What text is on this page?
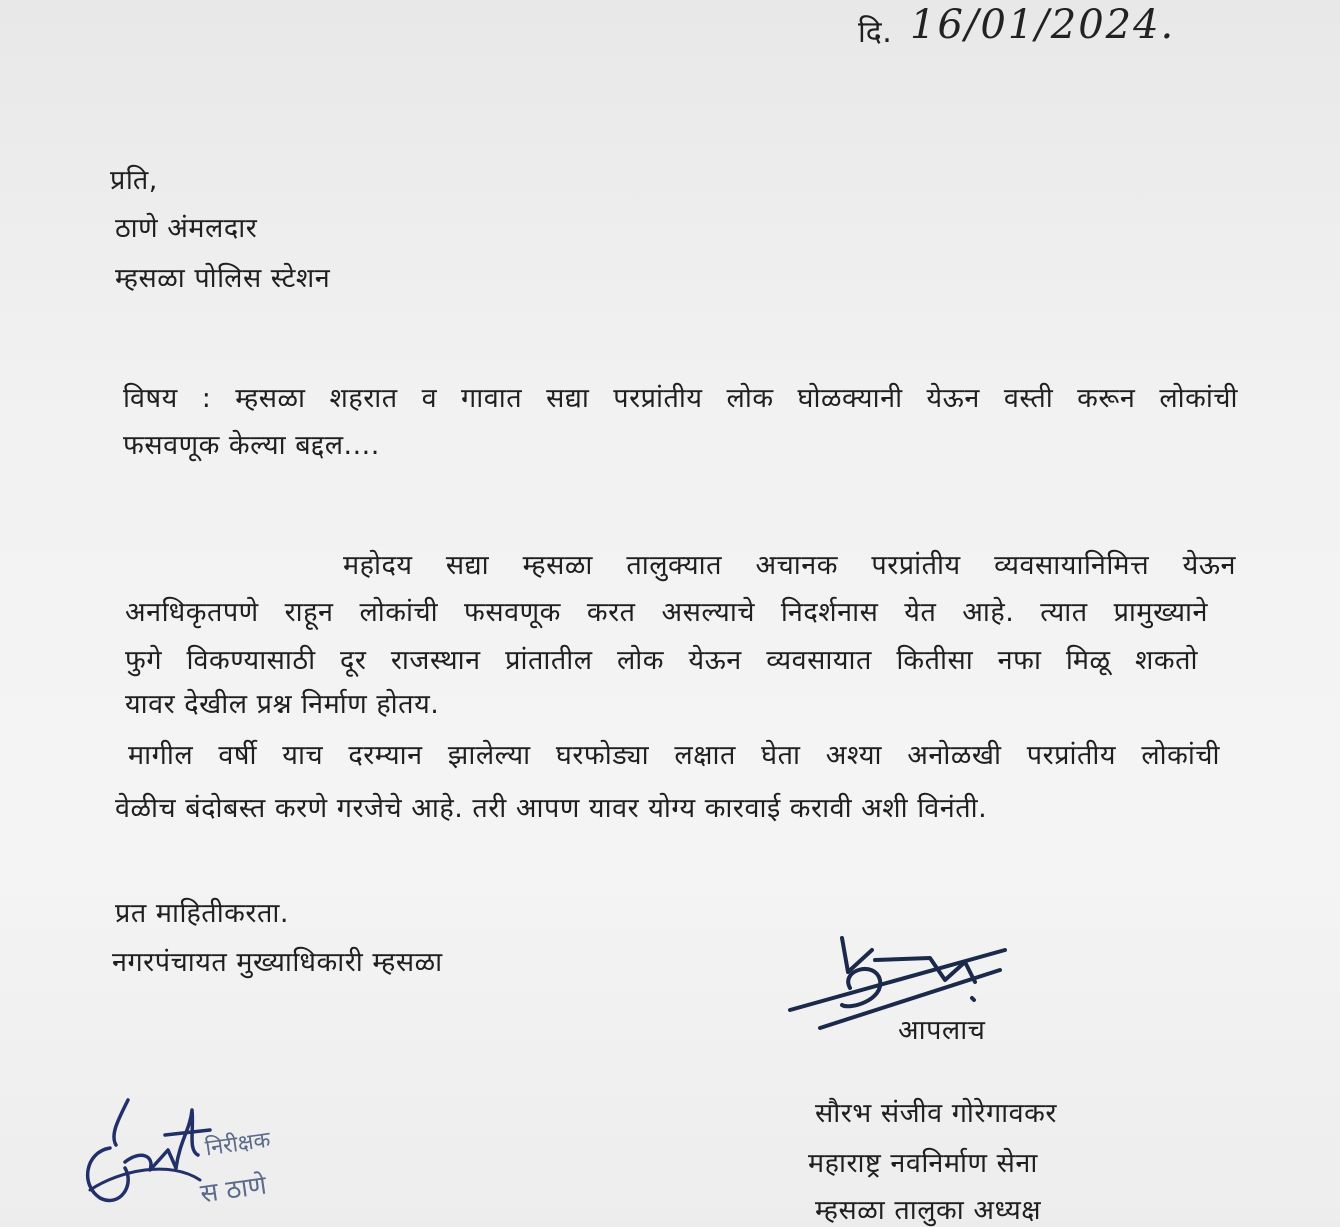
दि. 16/01/2024.
प्रति,
ठाणे अंमलदार
म्हसळा पोलिस स्टेशन
विषय : म्हसळा शहरात व गावात सद्या परप्रांतीय लोक घोळक्यानी येऊन वस्ती करून लोकांची
फसवणूक केल्या बद्दल....
महोदय सद्या म्हसळा तालुक्यात अचानक परप्रांतीय व्यवसायानिमित्त येऊन
अनधिकृतपणे राहून लोकांची फसवणूक करत असल्याचे निदर्शनास येत आहे. त्यात प्रामुख्याने
फुगे विकण्यासाठी दूर राजस्थान प्रांतातील लोक येऊन व्यवसायात कितीसा नफा मिळू शकतो
यावर देखील प्रश्न निर्माण होतय.
मागील वर्षी याच दरम्यान झालेल्या घरफोड्या लक्षात घेता अश्या अनोळखी परप्रांतीय लोकांची
वेळीच बंदोबस्त करणे गरजेचे आहे. तरी आपण यावर योग्य कारवाई करावी अशी विनंती.
प्रत माहितीकरता.
नगरपंचायत मुख्याधिकारी म्हसळा
आपलाच
सौरभ संजीव गोरेगावकर
महाराष्ट्र नवनिर्माण सेना
म्हसळा तालुका अध्यक्ष
निरीक्षक
स ठाणे
